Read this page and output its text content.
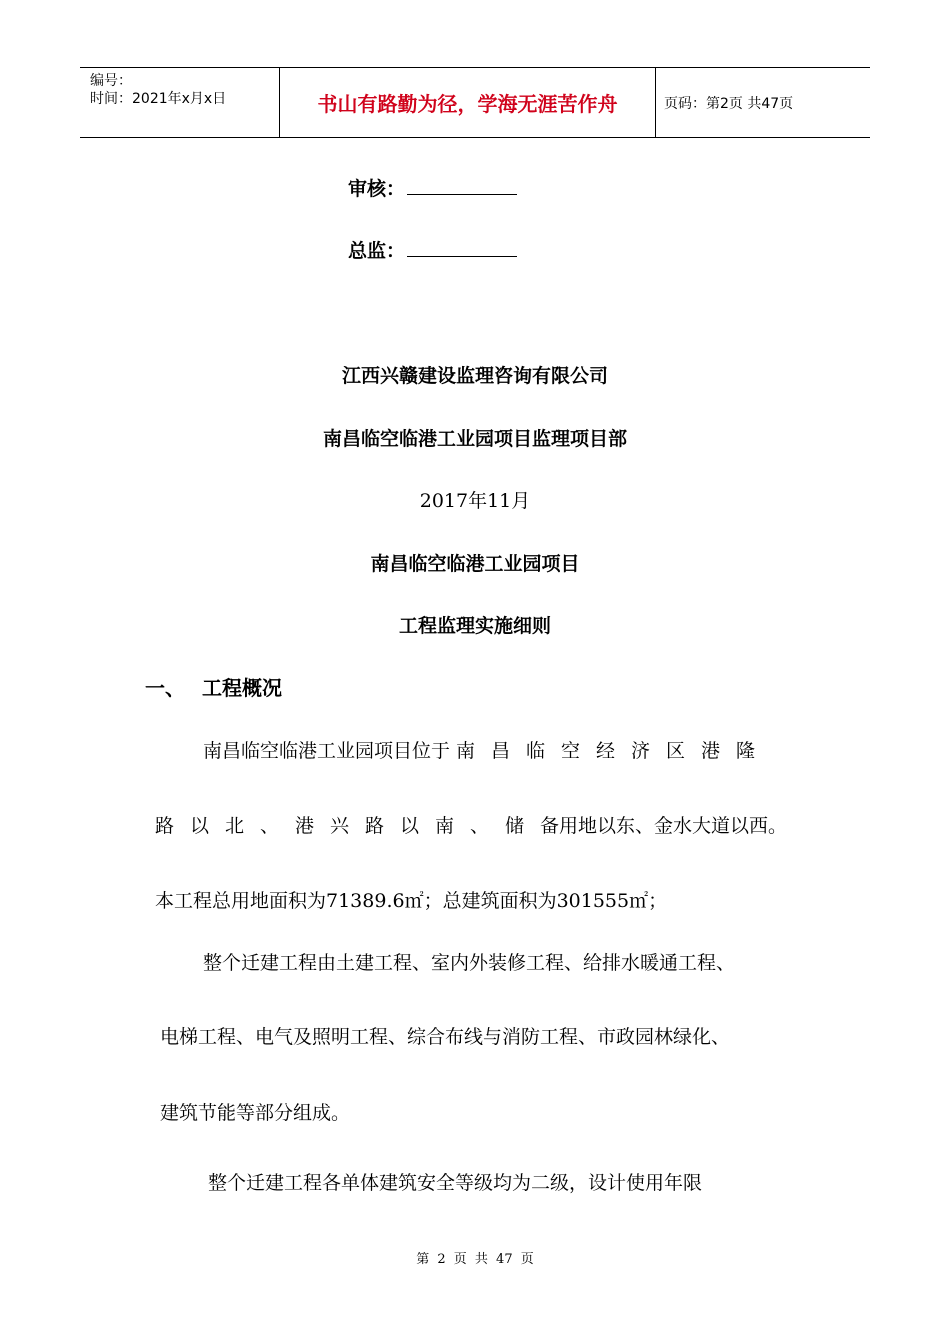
编号：
时间：2021年x月x日	书山有路勤为径，学海无涯苦作舟	页码：第2页 共47页
审核：
总监：
江西兴赣建设监理咨询有限公司
南昌临空临港工业园项目监理项目部
2017年11月
南昌临空临港工业园项目
工程监理实施细则
一、 工程概况
南昌临空临港工业园项目位于 南昌临空经济区港隆
路以北、港兴路以南、储备用地以东、金水大道以西。
本工程总用地面积为71389.6㎡；总建筑面积为301555㎡；
整个迁建工程由土建工程、室内外装修工程、给排水暖通工程、
电梯工程、电气及照明工程、综合布线与消防工程、市政园林绿化、
建筑节能等部分组成。
整个迁建工程各单体建筑安全等级均为二级，设计使用年限
第 2 页 共 47 页
